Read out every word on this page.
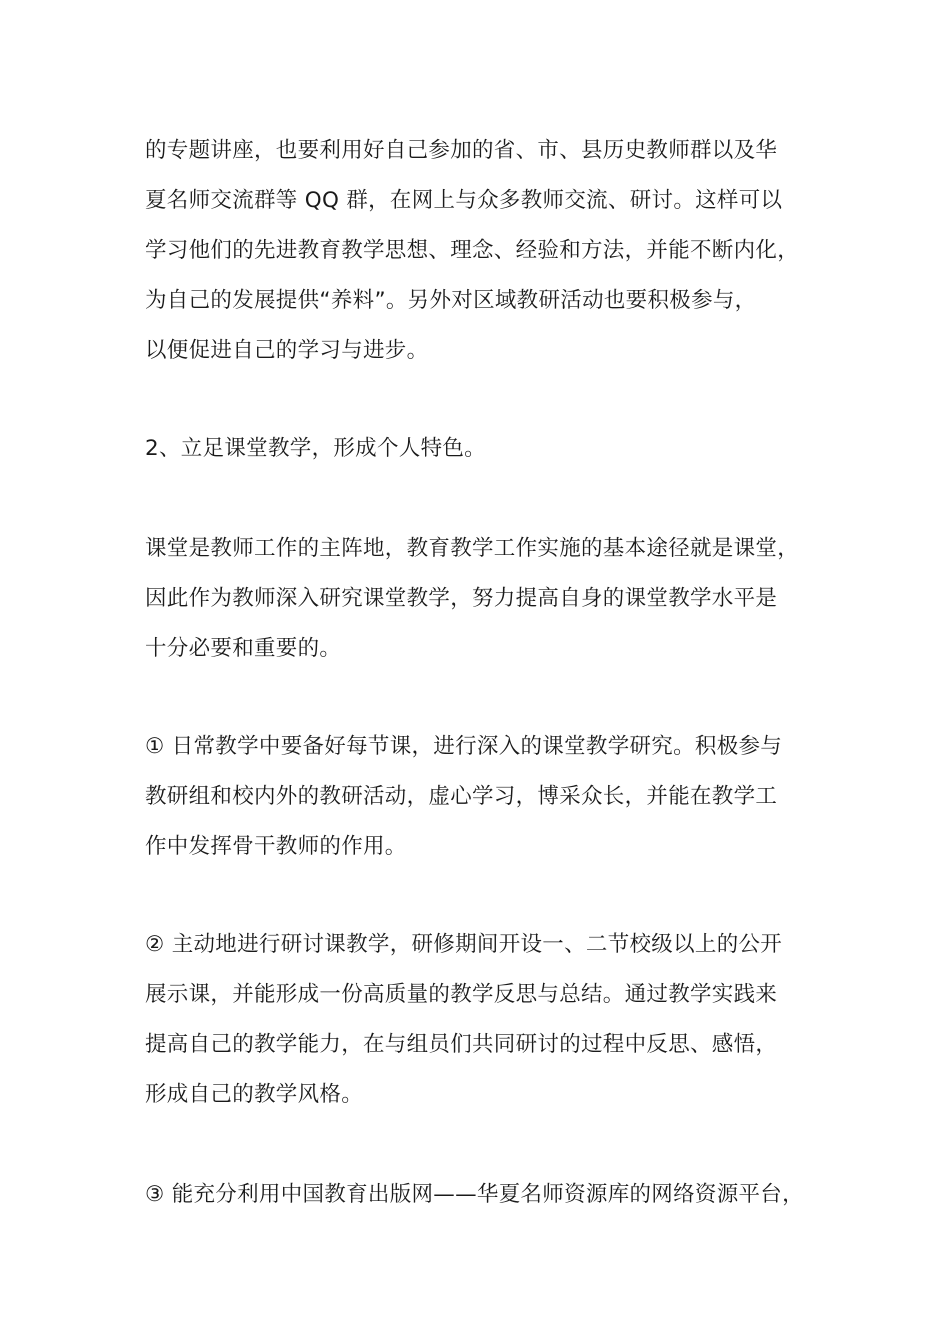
的专题讲座，也要利用好自己参加的省、市、县历史教师群以及华
夏名师交流群等 QQ 群，在网上与众多教师交流、研讨。这样可以
学习他们的先进教育教学思想、理念、经验和方法，并能不断内化，
为自己的发展提供“养料”。另外对区域教研活动也要积极参与，
以便促进自己的学习与进步。
2、立足课堂教学，形成个人特色。
课堂是教师工作的主阵地，教育教学工作实施的基本途径就是课堂，
因此作为教师深入研究课堂教学，努力提高自身的课堂教学水平是
十分必要和重要的。
① 日常教学中要备好每节课，进行深入的课堂教学研究。积极参与
教研组和校内外的教研活动，虚心学习，博采众长，并能在教学工
作中发挥骨干教师的作用。
② 主动地进行研讨课教学，研修期间开设一、二节校级以上的公开
展示课，并能形成一份高质量的教学反思与总结。通过教学实践来
提高自己的教学能力，在与组员们共同研讨的过程中反思、感悟，
形成自己的教学风格。
③ 能充分利用中国教育出版网——华夏名师资源库的网络资源平台，
